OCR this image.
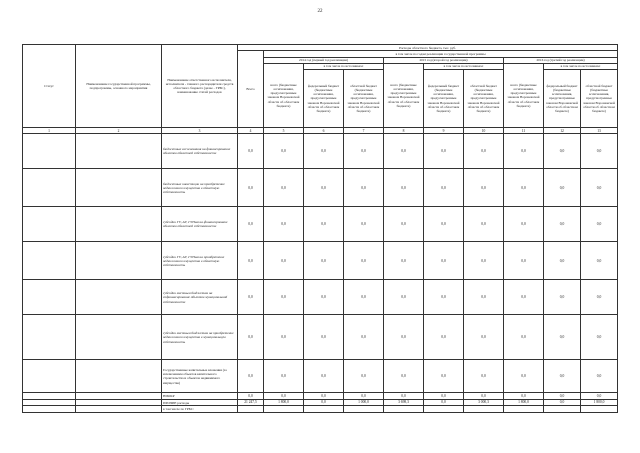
22
Статус	Наименование государственной программы, подпрограммы, основного мероприятия	Наименование ответственного исполнителя, исполнителя - главного распорядителя средств областного бюджета (далее - ГРБС), наименование статей расходов	Расходы областного бюджета, тыс. руб.									
			Всего	в том числе по годам реализации государственной программы								
				2014 год (первый год реализации)			2015 год (второй год реализации)			2016 год (третий год реализации)		
				всего (бюджетные ассигнования, предусмотренные законом Воронежской области об областном бюджете)	в том числе по источникам:		всего (бюджетные ассигнования, предусмотренные законом Воронежской области об областном бюджете)	в том числе по источникам:		всего (бюджетные ассигнования, предусмотренные законом Воронежской области об областном бюджете)	в том числе по источникам:	
					федеральный бюджет (бюджетные ассигнования, предусмотренные законом Воронежской области об областном бюджете)	областной бюджет (бюджетные ассигнования, предусмотренные законом Воронежской области об областном бюджете)		федеральный бюджет (бюджетные ассигнования, предусмотренные законом Воронежской области об областном бюджете)	областной бюджет (бюджетные ассигнования, предусмотренные законом Воронежской области об областном бюджете)		федеральный бюджет (бюджетные ассигнования, предусмотренные законом Воронежской области об областном бюджете)	областной бюджет (бюджетные ассигнования, предусмотренные законом Воронежской области об областном бюджете)
1	2	3	4	5	6	7	8	9	10	11	12	13
		бюджетные ассигнования на финансирование объектов областной собственности	0,0	0,0	0,0	0,0	0,0	0,0	0,0	0,0	0,0	0,0
		бюджетные инвестиции на приобретение недвижимого имущества в областную собственность	0,0	0,0	0,0	0,0	0,0	0,0	0,0	0,0	0,0	0,0
		субсидии ГУ, АУ, ГУПам на финансирование объектов областной собственности	0,0	0,0	0,0	0,0	0,0	0,0	0,0	0,0	0,0	0,0
		субсидии ГУ, АУ, ГУПам на приобретение недвижимого имущества в областную собственность	0,0	0,0	0,0	0,0	0,0	0,0	0,0	0,0	0,0	0,0
		субсидии местным бюджетам на софинансирование объектов муниципальной собственности	0,0	0,0	0,0	0,0	0,0	0,0	0,0	0,0	0,0	0,0
		субсидии местным бюджетам на приобретение недвижимого имущества в муниципальную собственность	0,0	0,0	0,0	0,0	0,0	0,0	0,0	0,0	0,0	0,0
		Государственные капитальные вложения (за исключением объектов капитального строительства и объектов недвижимого имущества)	0,0	0,0	0,0	0,0	0,0	0,0	0,0	0,0	0,0	0,0
		НИОКР	0,0	0,0	0,0	0,0	0,0	0,0	0,0	0,0	0,0	0,0
		ПРОЧИЕ расходы	21 247,5	1 800,0	0,0	1 000,0	3 698,3	0,0	3 000,3	1 800,0	0,0	1 800,0
		в том числе по ГРБС:										
